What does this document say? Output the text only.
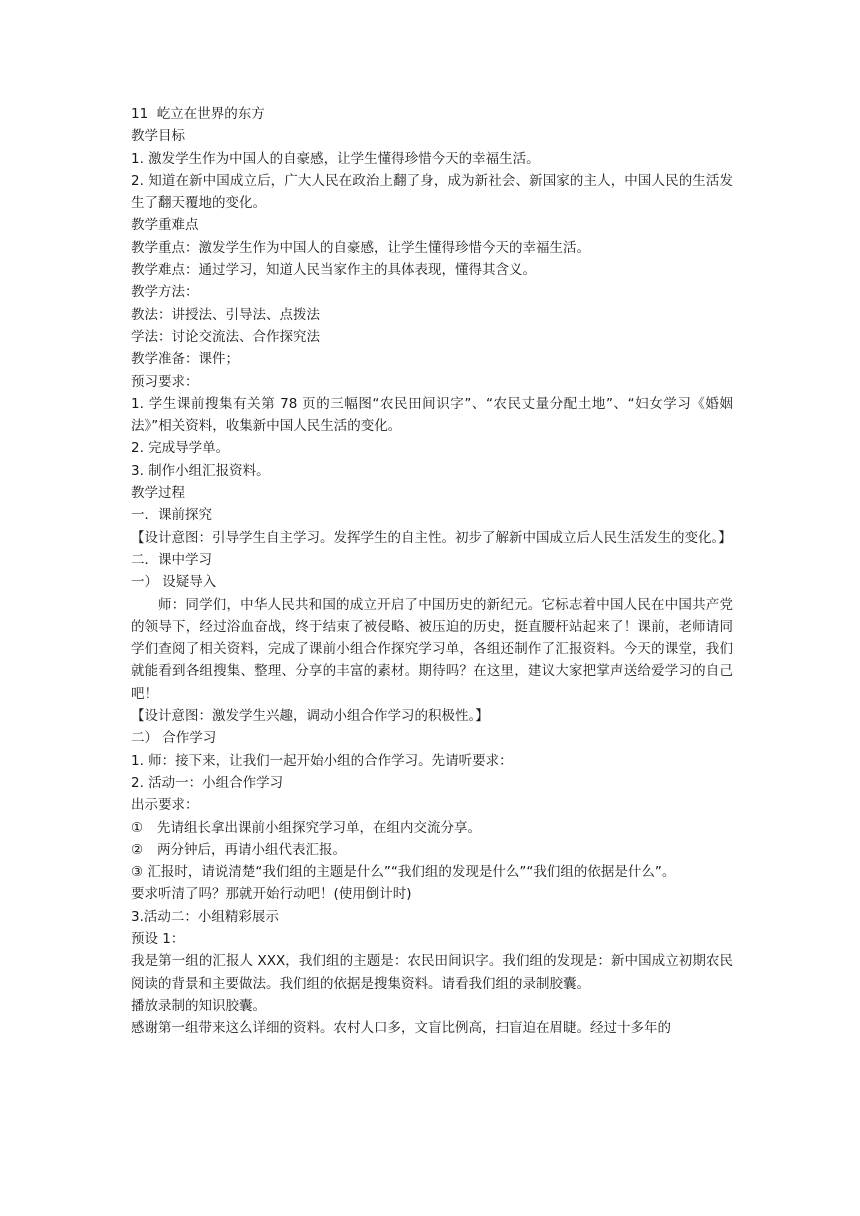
11  屹立在世界的东方
教学目标
1. 激发学生作为中国人的自豪感，让学生懂得珍惜今天的幸福生活。
2. 知道在新中国成立后，广大人民在政治上翻了身，成为新社会、新国家的主人，中国人民的生活发生了翻天覆地的变化。
教学重难点
教学重点：激发学生作为中国人的自豪感，让学生懂得珍惜今天的幸福生活。
教学难点：通过学习，知道人民当家作主的具体表现，懂得其含义。
教学方法：
教法：讲授法、引导法、点拨法
学法：讨论交流法、合作探究法
教学准备：课件；
预习要求：
1. 学生课前搜集有关第 78 页的三幅图“农民田间识字”、“农民丈量分配土地”、“妇女学习《婚姻法》”相关资料，收集新中国人民生活的变化。
2. 完成导学单。
3. 制作小组汇报资料。
教学过程
一．课前探究
【设计意图：引导学生自主学习。发挥学生的自主性。初步了解新中国成立后人民生活发生的变化。】
二．课中学习
一） 设疑导入
师：同学们，中华人民共和国的成立开启了中国历史的新纪元。它标志着中国人民在中国共产党的领导下，经过浴血奋战，终于结束了被侵略、被压迫的历史，挺直腰杆站起来了！课前，老师请同学们查阅了相关资料，完成了课前小组合作探究学习单，各组还制作了汇报资料。今天的课堂，我们就能看到各组搜集、整理、分享的丰富的素材。期待吗？在这里，建议大家把掌声送给爱学习的自己吧！
【设计意图：激发学生兴趣，调动小组合作学习的积极性。】
二） 合作学习
1. 师：接下来，让我们一起开始小组的合作学习。先请听要求：
2. 活动一：小组合作学习
出示要求：
①	先请组长拿出课前小组探究学习单，在组内交流分享。
②	两分钟后，再请小组代表汇报。
③ 汇报时，请说清楚“我们组的主题是什么”“我们组的发现是什么”“我们组的依据是什么”。
要求听清了吗？那就开始行动吧！(使用倒计时)
3.活动二：小组精彩展示
预设 1：
我是第一组的汇报人 XXX，我们组的主题是：农民田间识字。我们组的发现是：新中国成立初期农民阅读的背景和主要做法。我们组的依据是搜集资料。请看我们组的录制胶囊。
播放录制的知识胶囊。
感谢第一组带来这么详细的资料。农村人口多，文盲比例高，扫盲迫在眉睫。经过十多年的
